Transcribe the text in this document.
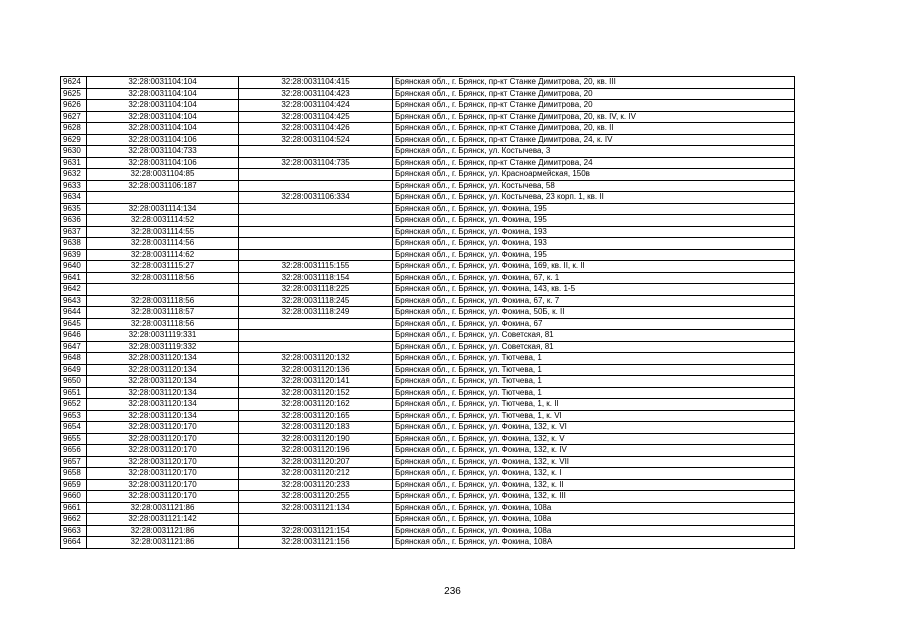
9624	32:28:0031104:104	32:28:0031104:415	Брянская обл., г. Брянск, пр-кт Станке Димитрова, 20, кв. III
9625	32:28:0031104:104	32:28:0031104:423	Брянская обл., г. Брянск, пр-кт Станке Димитрова, 20
9626	32:28:0031104:104	32:28:0031104:424	Брянская обл., г. Брянск, пр-кт Станке Димитрова, 20
9627	32:28:0031104:104	32:28:0031104:425	Брянская обл., г. Брянск, пр-кт Станке Димитрова, 20, кв. IV, к. IV
9628	32:28:0031104:104	32:28:0031104:426	Брянская обл., г. Брянск, пр-кт Станке Димитрова, 20, кв. II
9629	32:28:0031104:106	32:28:0031104:524	Брянская обл., г. Брянск, пр-кт Станке Димитрова, 24, к. IV
9630	32:28:0031104:733		Брянская обл., г. Брянск, ул. Костычева, 3
9631	32:28:0031104:106	32:28:0031104:735	Брянская обл., г. Брянск, пр-кт Станке Димитрова, 24
9632	32:28:0031104:85		Брянская обл., г. Брянск, ул. Красноармейская, 150в
9633	32:28:0031106:187		Брянская обл., г. Брянск, ул. Костычева, 58
9634		32:28:0031106:334	Брянская обл., г. Брянск, ул. Костычева, 23 корп. 1, кв. II
9635	32:28:0031114:134		Брянская обл., г. Брянск, ул. Фокина, 195
9636	32:28:0031114:52		Брянская обл., г. Брянск, ул. Фокина, 195
9637	32:28:0031114:55		Брянская обл., г. Брянск, ул. Фокина, 193
9638	32:28:0031114:56		Брянская обл., г. Брянск, ул. Фокина, 193
9639	32:28:0031114:62		Брянская обл., г. Брянск, ул. Фокина, 195
9640	32:28:0031115:27	32:28:0031115:155	Брянская обл., г. Брянск, ул. Фокина, 169, кв. II, к. II
9641	32:28:0031118:56	32:28:0031118:154	Брянская обл., г. Брянск, ул. Фокина, 67, к. 1
9642		32:28:0031118:225	Брянская обл., г. Брянск, ул. Фокина, 143, кв. 1-5
9643	32:28:0031118:56	32:28:0031118:245	Брянская обл., г. Брянск, ул. Фокина, 67, к. 7
9644	32:28:0031118:57	32:28:0031118:249	Брянская обл., г. Брянск, ул. Фокина, 50Б, к. II
9645	32:28:0031118:56		Брянская обл., г. Брянск, ул. Фокина, 67
9646	32:28:0031119:331		Брянская обл., г. Брянск, ул. Советская, 81
9647	32:28:0031119:332		Брянская обл., г. Брянск, ул. Советская, 81
9648	32:28:0031120:134	32:28:0031120:132	Брянская обл., г. Брянск, ул. Тютчева, 1
9649	32:28:0031120:134	32:28:0031120:136	Брянская обл., г. Брянск, ул. Тютчева, 1
9650	32:28:0031120:134	32:28:0031120:141	Брянская обл., г. Брянск, ул. Тютчева, 1
9651	32:28:0031120:134	32:28:0031120:152	Брянская обл., г. Брянск, ул. Тютчева, 1
9652	32:28:0031120:134	32:28:0031120:162	Брянская обл., г. Брянск, ул. Тютчева, 1, к. II
9653	32:28:0031120:134	32:28:0031120:165	Брянская обл., г. Брянск, ул. Тютчева, 1, к. VI
9654	32:28:0031120:170	32:28:0031120:183	Брянская обл., г. Брянск, ул. Фокина, 132, к. VI
9655	32:28:0031120:170	32:28:0031120:190	Брянская обл., г. Брянск, ул. Фокина, 132, к. V
9656	32:28:0031120:170	32:28:0031120:196	Брянская обл., г. Брянск, ул. Фокина, 132, к. IV
9657	32:28:0031120:170	32:28:0031120:207	Брянская обл., г. Брянск, ул. Фокина, 132, к. VII
9658	32:28:0031120:170	32:28:0031120:212	Брянская обл., г. Брянск, ул. Фокина, 132, к. I
9659	32:28:0031120:170	32:28:0031120:233	Брянская обл., г. Брянск, ул. Фокина, 132, к. II
9660	32:28:0031120:170	32:28:0031120:255	Брянская обл., г. Брянск, ул. Фокина, 132, к. III
9661	32:28:0031121:86	32:28:0031121:134	Брянская обл., г. Брянск, ул. Фокина, 108а
9662	32:28:0031121:142		Брянская обл., г. Брянск, ул. Фокина, 108а
9663	32:28:0031121:86	32:28:0031121:154	Брянская обл., г. Брянск, ул. Фокина, 108а
9664	32:28:0031121:86	32:28:0031121:156	Брянская обл., г. Брянск, ул. Фокина, 108А
236
